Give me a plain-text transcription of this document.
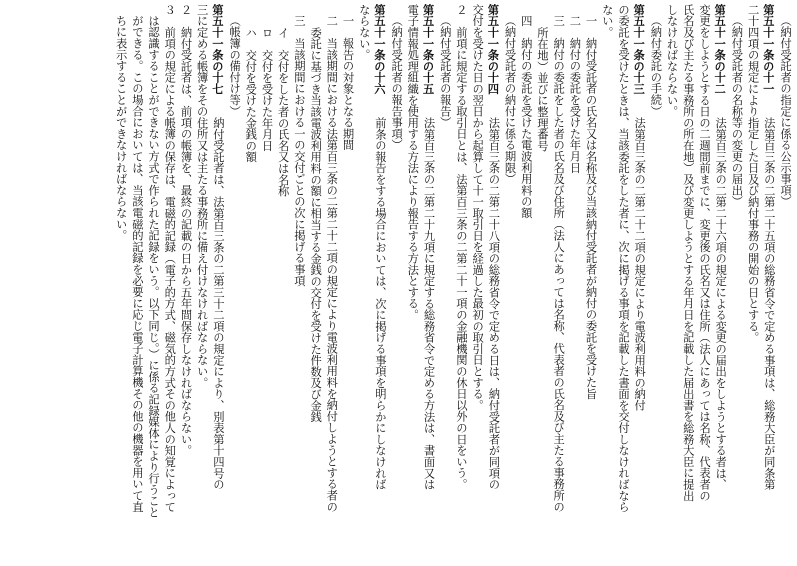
（納付受託者の指定に係る公示事項）
第五十一条の十一法第百三条の二第二十五項の総務省令で定める事項は、総務大臣が同条第
二十四項の規定により指定した日及び納付事務の開始の日とする。
（納付受託者の名称等の変更の届出）
第五十一条の十二法第百三条の二第二十六項の規定による変更の届出をしようとする者は、
変更をしようとする日の二週間前までに、変更後の氏名又は住所（法人にあっては名称、代表者の
氏名及び主たる事務所の所在地）及び変更しようとする年月日を記載した届出書を総務大臣に提出
しなければならない。
（納付委託の手続）
第五十一条の十三法第百三条の二第二十二項の規定により電波利用料の納付
の委託を受けたときは、当該委託をした者に、次に掲げる事項を記載した書面を交付しなければなら
ない。
一　納付受託者の氏名又は名称及び当該納付受託者が納付の委託を受けた旨
二　納付の委託を受けた年月日
三　納付の委託をした者の氏名及び住所（法人にあっては名称、代表者の氏名及び主たる事務所の
所在地）並びに整理番号
四　納付の委託を受けた電波利用料の額
（納付受託者の納付に係る期限）
第五十一条の十四法第百三条の二第二十八項の総務省令で定める日は、納付受託者が同項の
交付を受けた日の翌日から起算して十一取引日を経過した最初の取引日とする。
２　前項に規定する取引日とは、法第百三条の二第二十一項の金融機関の休日以外の日をいう。
（納付受託者の報告）
第五十一条の十五法第百三条の二第二十九項に規定する総務省令で定める方法は、書面又は
電子情報処理組織を使用する方法により報告する方法とする。
（納付受託者の報告事項）
第五十一条の十六前条の報告をする場合においては、次に掲げる事項を明らかにしなければ
ならない。
一　報告の対象となる期間
二　当該期間における法第百三条の二第二十二項の規定により電波利用料を納付しようとする者の
委託に基づき当該電波利用料の額に相当する金銭の交付を受けた件数及び金銭
三　当該期間における一の交付ごとの次に掲げる事項
イ　交付をした者の氏名又は名称
ロ　交付を受けた年月日
ハ　交付を受けた金銭の額
（帳簿の備付け等）
第五十一条の十七納付受託者は、法第百三条の二第三十二項の規定により、別表第十四号の
三に定める帳簿をその住所又は主たる事務所に備え付けなければならない。
２　納付受託者は、前項の帳簿を、最終の記載の日から五年間保存しなければならない。
３　前項の規定による帳簿の保存は、電磁的記録（電子的方式、磁気的方式その他人の知覚によって
は認識することができない方式で作られた記録をいう。以下同じ。）に係る記録媒体により行うこと
ができる。この場合においては、当該電磁的記録を必要に応じ電子計算機その他の機器を用いて直
ちに表示することができなければならない。
